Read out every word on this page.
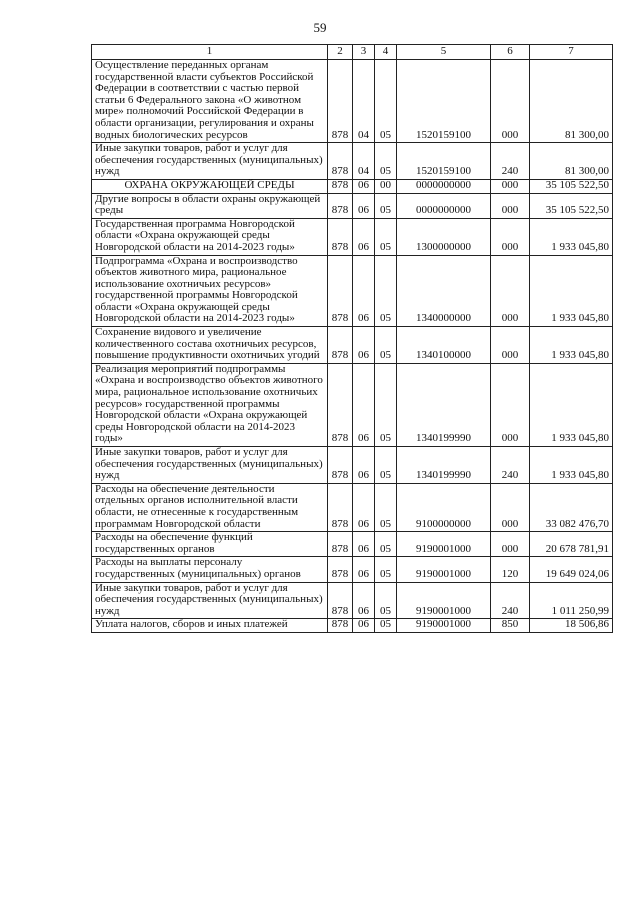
59
1	2	3	4	5	6	7
Осуществление переданных органам государственной власти субъектов Российской Федерации в соответствии с частью первой статьи 6 Федерального закона «О животном мире» полномочий Российской Федерации в области организации, регулирования и охраны водных биологических ресурсов	878	04	05	1520159100	000	81 300,00
Иные закупки товаров, работ и услуг для обеспечения государственных (муниципальных) нужд	878	04	05	1520159100	240	81 300,00
ОХРАНА ОКРУЖАЮЩЕЙ СРЕДЫ	878	06	00	0000000000	000	35 105 522,50
Другие вопросы в области охраны окружающей среды	878	06	05	0000000000	000	35 105 522,50
Государственная программа Новгородской области «Охрана окружающей среды Новгородской области на 2014-2023 годы»	878	06	05	1300000000	000	1 933 045,80
Подпрограмма «Охрана и воспроизводство объектов животного мира, рациональное использование охотничьих ресурсов» государственной программы Новгородской области «Охрана окружающей среды Новгородской области на 2014-2023 годы»	878	06	05	1340000000	000	1 933 045,80
Сохранение видового и увеличение количественного состава охотничьих ресурсов, повышение продуктивности охотничьих угодий	878	06	05	1340100000	000	1 933 045,80
Реализация мероприятий подпрограммы «Охрана и воспроизводство объектов животного мира, рациональное использование охотничьих ресурсов» государственной программы Новгородской области «Охрана окружающей среды Новгородской области на 2014-2023 годы»	878	06	05	1340199990	000	1 933 045,80
Иные закупки товаров, работ и услуг для обеспечения государственных (муниципальных) нужд	878	06	05	1340199990	240	1 933 045,80
Расходы на обеспечение деятельности отдельных органов исполнительной власти области, не отнесенные к государственным программам Новгородской области	878	06	05	9100000000	000	33 082 476,70
Расходы на обеспечение функций государственных органов	878	06	05	9190001000	000	20 678 781,91
Расходы на выплаты персоналу государственных (муниципальных) органов	878	06	05	9190001000	120	19 649 024,06
Иные закупки товаров, работ и услуг для обеспечения государственных (муниципальных) нужд	878	06	05	9190001000	240	1 011 250,99
Уплата налогов, сборов и иных платежей	878	06	05	9190001000	850	18 506,86
